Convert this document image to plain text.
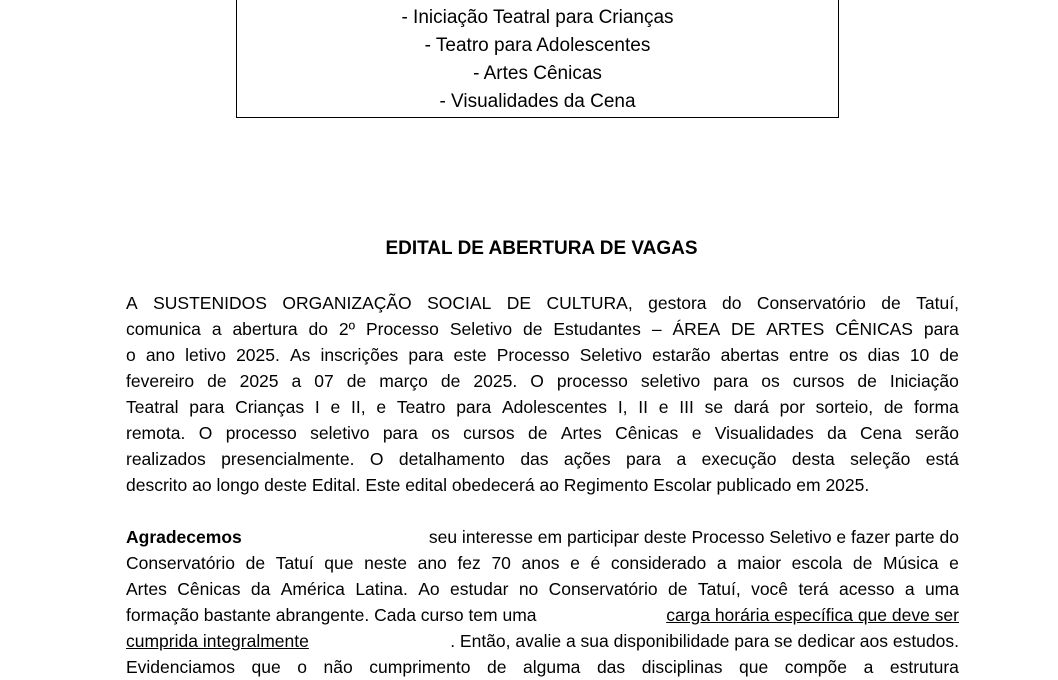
- Iniciação Teatral para Crianças
- Teatro para Adolescentes
- Artes Cênicas
- Visualidades da Cena
EDITAL DE ABERTURA DE VAGAS
A SUSTENIDOS ORGANIZAÇÃO SOCIAL DE CULTURA, gestora do Conservatório de Tatuí,
comunica a abertura do 2º Processo Seletivo de Estudantes – ÁREA DE ARTES CÊNICAS para
o ano letivo 2025. As inscrições para este Processo Seletivo estarão abertas entre os dias 10 de
fevereiro de 2025 a 07 de março de 2025. O processo seletivo para os cursos de Iniciação
Teatral para Crianças I e II, e Teatro para Adolescentes I, II e III se dará por sorteio, de forma
remota. O processo seletivo para os cursos de Artes Cênicas e Visualidades da Cena serão
realizados presencialmente. O detalhamento das ações para a execução desta seleção está
descrito ao longo deste Edital. Este edital obedecerá ao Regimento Escolar publicado em 2025.
Agradecemos	seu interesse em participar deste Processo Seletivo e fazer parte do
Conservatório de Tatuí que neste ano fez 70 anos e é considerado a maior escola de Música e
Artes Cênicas da América Latina. Ao estudar no Conservatório de Tatuí, você terá acesso a uma
formação bastante abrangente. Cada curso tem uma	carga horária específica que deve ser
cumprida integralmente	. Então, avalie a sua disponibilidade para se dedicar aos estudos.
Evidenciamos que o não cumprimento de alguma das disciplinas que compõe a estrutura
